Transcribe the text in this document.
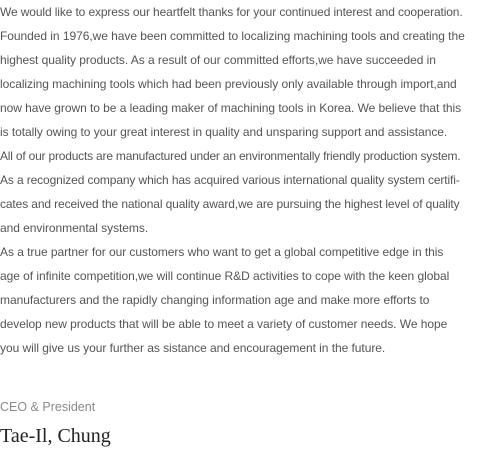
We would like to express our heartfelt thanks for your continued interest and cooperation.
Founded in 1976,we have been committed to localizing machining tools and creating the
highest quality products. As a result of our committed efforts,we have succeeded in
localizing machining tools which had been previously only available through import,and
now have grown to be a leading maker of machining tools in Korea. We believe that this
is totally owing to your great interest in quality and unsparing support and assistance.
All of our products are manufactured under an environmentally friendly production system.
As a recognized company which has acquired various international quality system certifi-
cates and received the national quality award,we are pursuing the highest level of quality
and environmental systems.
As a true partner for our customers who want to get a global competitive edge in this
age of infinite competition,we will continue R&D activities to cope with the keen global
manufacturers and the rapidly changing information age and make more efforts to
develop new products that will be able to meet a variety of customer needs. We hope
you will give us your further as sistance and encouragement in the future.
CEO & President
Tae-Il, Chung
